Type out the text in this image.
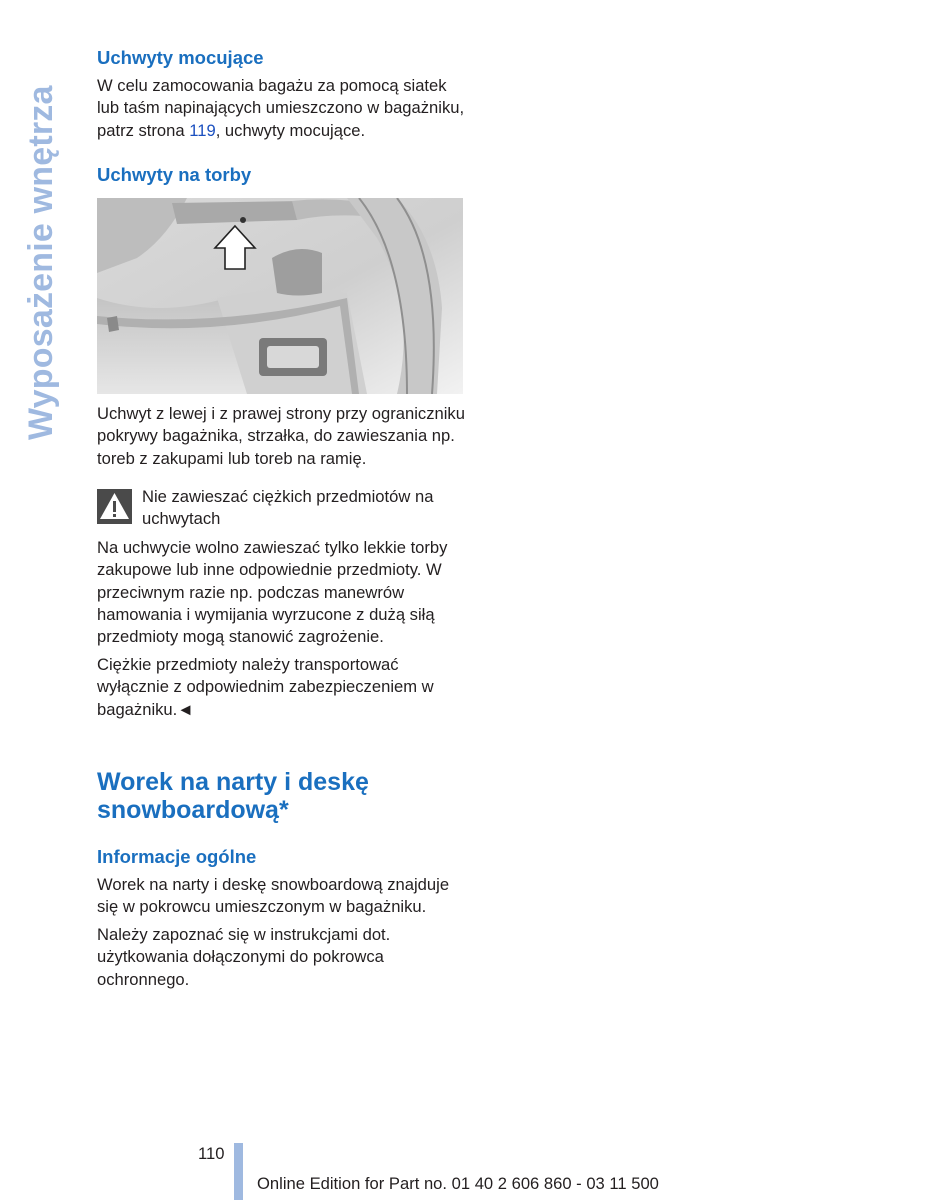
Wyposażenie wnętrza
Uchwyty mocujące

W celu zamocowania bagażu za pomocą siatek lub taśm napinających umieszczono w bagażniku, patrz strona 119, uchwyty mocujące.

Uchwyty na torby

Uchwyt z lewej i z prawej strony przy ograniczniku pokrywy bagażnika, strzałka, do zawieszania np. toreb z zakupami lub toreb na ramię.

Nie zawieszać ciężkich przedmiotów na uchwytach

Na uchwycie wolno zawieszać tylko lekkie torby zakupowe lub inne odpowiednie przedmioty. W przeciwnym razie np. podczas manewrów hamowania i wymijania wyrzucone z dużą siłą przedmioty mogą stanowić zagrożenie.

Ciężkie przedmioty należy transportować wyłącznie z odpowiednim zabezpieczeniem w bagażniku.◄

Worek na narty i deskę snowboardową*
Informacje ogólne

Worek na narty i deskę snowboardową znajduje się w pokrowcu umieszczonym w bagażniku.

Należy zapoznać się w instrukcjami dot. użytkowania dołączonymi do pokrowca ochronnego.

110
Online Edition for Part no. 01 40 2 606 860 - 03 11 500
